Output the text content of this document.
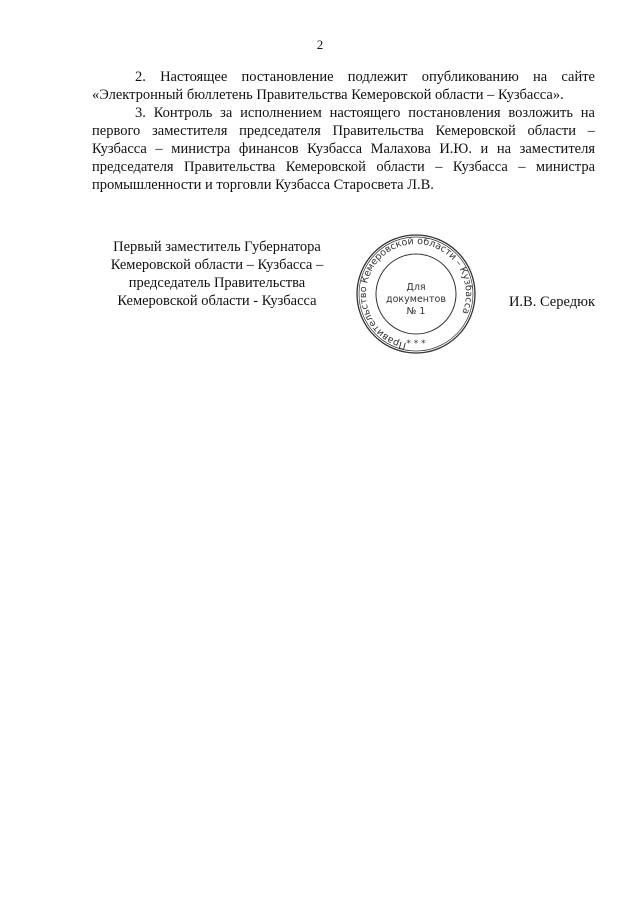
2

2. Настоящее постановление подлежит опубликованию на сайте «Электронный бюллетень Правительства Кемеровской области – Кузбасса».

3. Контроль за исполнением настоящего постановления возложить на первого заместителя председателя Правительства Кемеровской области – Кузбасса – министра финансов Кузбасса Малахова И.Ю. и на заместителя председателя Правительства Кемеровской области – Кузбасса – министра промышленности и торговли Кузбасса Старосвета Л.В.

Первый заместитель Губернатора
Кемеровской области – Кузбасса –
председатель Правительства
Кемеровской области - Кузбасса
Правительство Кемеровской области – Кузбасса
Для
документов
№ 1
* * *
И.В. Середюк
